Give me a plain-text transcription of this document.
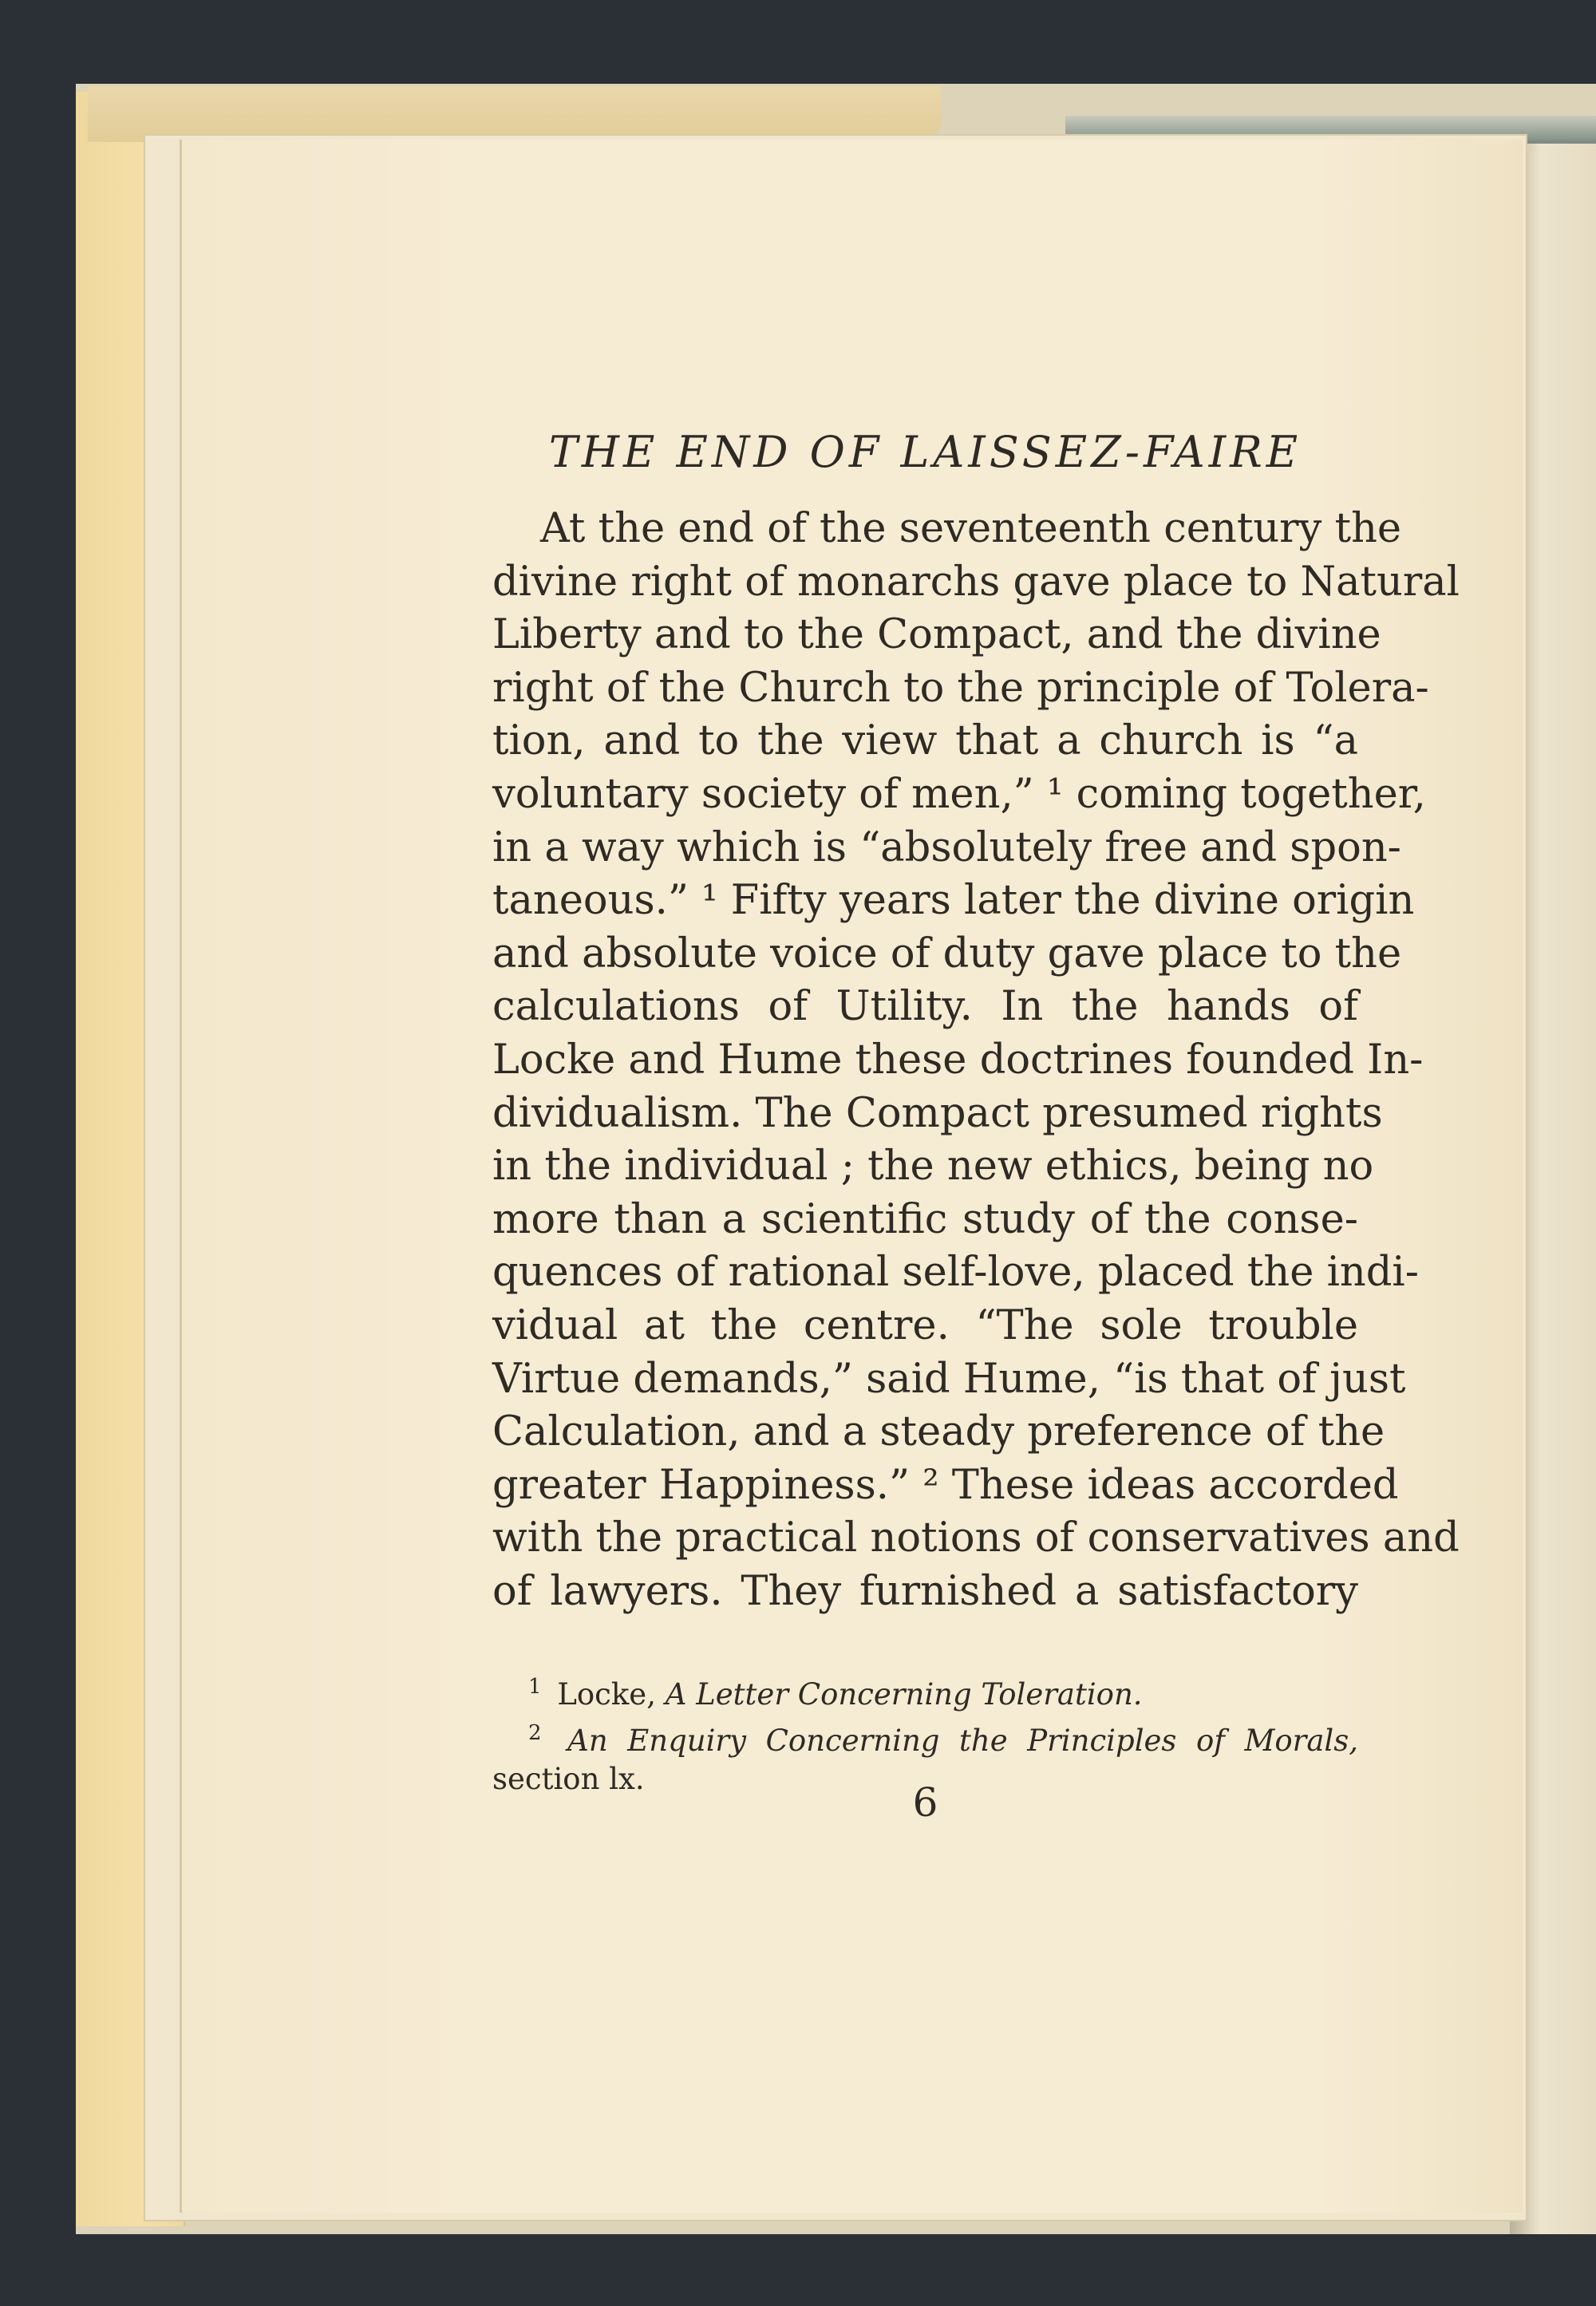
THE END OF LAISSEZ-FAIRE
At the end of the seventeenth century the
divine right of monarchs gave place to Natural
Liberty and to the Compact, and the divine
right of the Church to the principle of Tolera-
tion, and to the view that a church is “a
voluntary society of men,” ¹ coming together,
in a way which is “absolutely free and spon-
taneous.” ¹ Fifty years later the divine origin
and absolute voice of duty gave place to the
calculations of Utility. In the hands of
Locke and Hume these doctrines founded In-
dividualism. The Compact presumed rights
in the individual ; the new ethics, being no
more than a scientific study of the conse-
quences of rational self-love, placed the indi-
vidual at the centre. “The sole trouble
Virtue demands,” said Hume, “is that of just
Calculation, and a steady preference of the
greater Happiness.” ² These ideas accorded
with the practical notions of conservatives and
of lawyers. They furnished a satisfactory
$^1$ Locke, A Letter Concerning Toleration.
$^2$ An Enquiry Concerning the Principles of Morals,
section lx.
6
